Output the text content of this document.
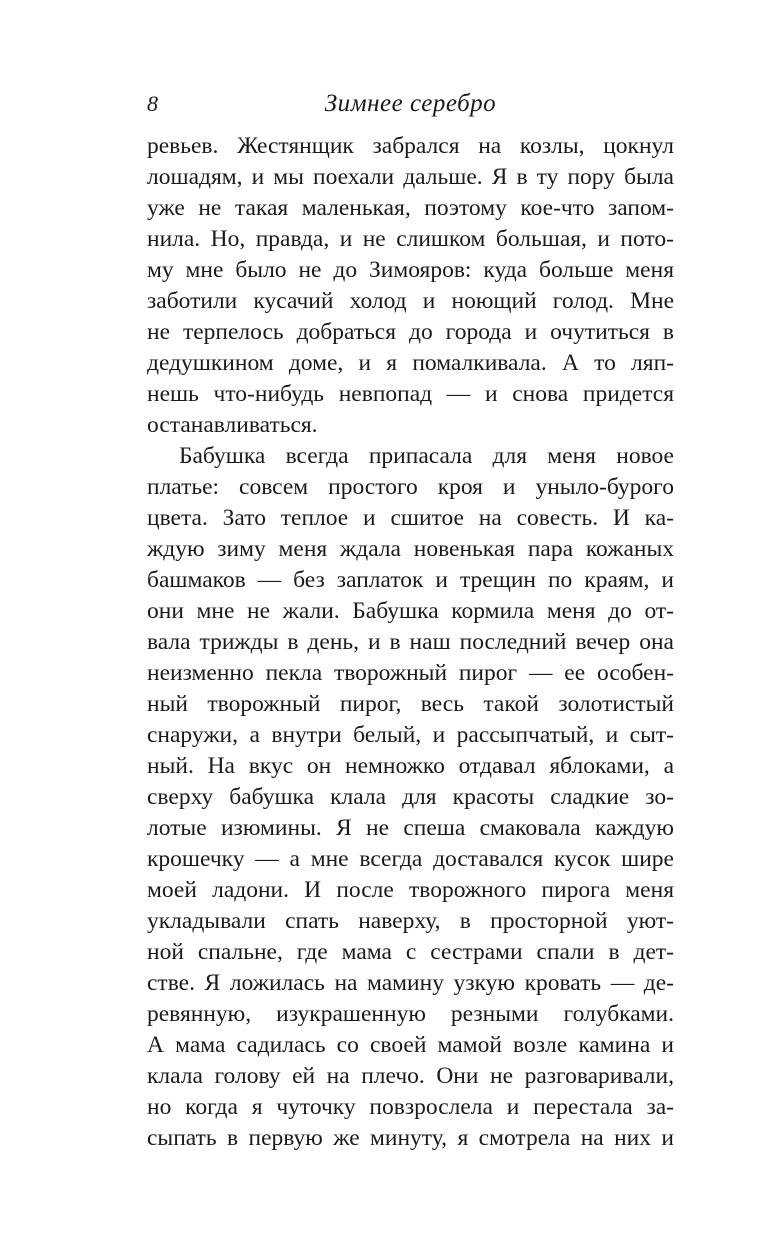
8	Зимнее серебро
ревьев. Жестянщик забрался на козлы, цокнул
лошадям, и мы поехали дальше. Я в ту пору была
уже не такая маленькая, поэтому кое-что запом-
нила. Но, правда, и не слишком большая, и пото-
му мне было не до Зимояров: куда больше меня
заботили кусачий холод и ноющий голод. Мне
не терпелось добраться до города и очутиться в
дедушкином доме, и я помалкивала. А то ляп-
нешь что-нибудь невпопад — и снова придется
останавливаться.
Бабушка всегда припасала для меня новое
платье: совсем простого кроя и уныло-бурого
цвета. Зато теплое и сшитое на совесть. И ка-
ждую зиму меня ждала новенькая пара кожаных
башмаков — без заплаток и трещин по краям, и
они мне не жали. Бабушка кормила меня до от-
вала трижды в день, и в наш последний вечер она
неизменно пекла творожный пирог — ее особен-
ный творожный пирог, весь такой золотистый
снаружи, а внутри белый, и рассыпчатый, и сыт-
ный. На вкус он немножко отдавал яблоками, а
сверху бабушка клала для красоты сладкие зо-
лотые изюмины. Я не спеша смаковала каждую
крошечку — а мне всегда доставался кусок шире
моей ладони. И после творожного пирога меня
укладывали спать наверху, в просторной уют-
ной спальне, где мама с сестрами спали в дет-
стве. Я ложилась на мамину узкую кровать — де-
ревянную, изукрашенную резными голубками.
А мама садилась со своей мамой возле камина и
клала голову ей на плечо. Они не разговаривали,
но когда я чуточку повзрослела и перестала за-
сыпать в первую же минуту, я смотрела на них и
